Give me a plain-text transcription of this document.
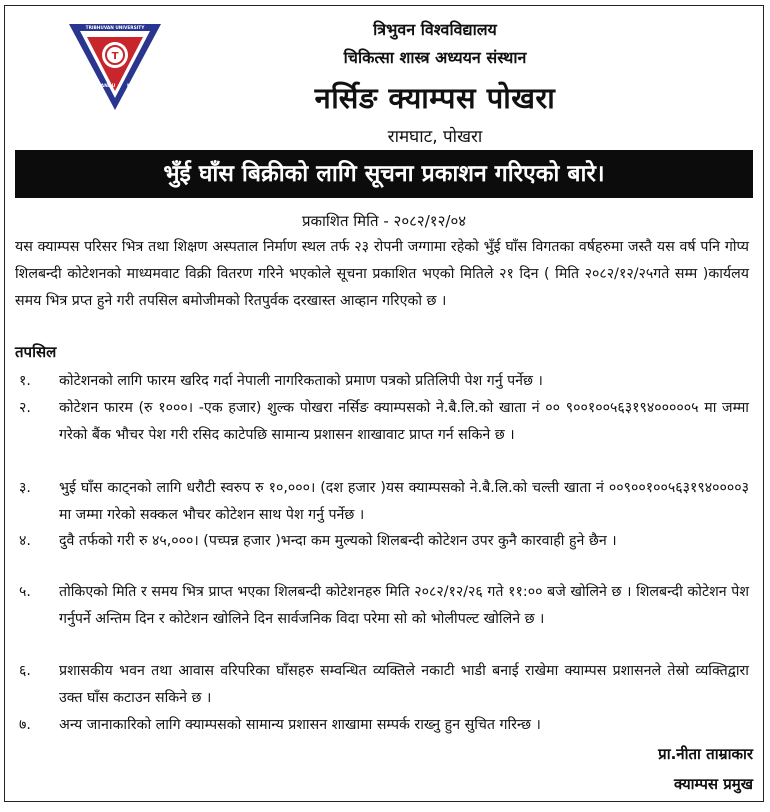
T
TRIBHUVAN UNIVERSITY
KATHMANDU	NEPAL
त्रिभुवन विश्वविद्यालय
चिकित्सा शास्त्र अध्ययन संस्थान
नर्सिङ क्याम्पस पोखरा
रामघाट, पोखरा
भुँई घाँस बिक्रीको लागि सूचना प्रकाशन गरिएको बारे।
प्रकाशित मिति - २०८२/१२/०४
यस क्याम्पस परिसर भित्र तथा शिक्षण अस्पताल निर्माण स्थल तर्फ २३ रोपनी जग्गामा रहेको भुँई घाँस विगतका वर्षहरुमा जस्तै यस वर्ष पनि गोप्य शिलबन्दी कोटेशनको माध्यमवाट विक्री वितरण गरिने भएकोले सूचना प्रकाशित भएको मितिले २१ दिन ( मिति २०८२/१२/२५गते सम्म )कार्यलय समय भित्र प्रप्त हुने गरी तपसिल बमोजीमको रितपुर्वक दरखास्त आव्हान गरिएको छ ।
तपसिल
१. कोटेशनको लागि फारम खरिद गर्दा नेपाली नागरिकताको प्रमाण पत्रको प्रतिलिपी पेश गर्नु पर्नेछ ।
२. कोटेशन फारम (रु १०००। -एक हजार) शुल्क पोखरा नर्सिङ क्याम्पसको ने.बै.लि.को खाता नं ०० ९००१००५६३१९४०००००५ मा जम्मा गरेको बैंक भौचर पेश गरी रसिद काटेपछि सामान्य प्रशासन शाखावाट प्राप्त गर्न सकिने छ ।
३. भुई घाँस काट्नको लागि धरौटी स्वरुप रु १०,०००। (दश हजार )यस क्याम्पसको ने.बै.लि.को चल्ती खाता नं ००९००१००५६३१९४००००३ मा जम्मा गरेको सक्कल भौचर कोटेशन साथ पेश गर्नु पर्नेछ ।
४. दुवै तर्फको गरी रु ४५,०००। (पच्पन्न हजार )भन्दा कम मुल्यको शिलबन्दी कोटेशन उपर कुनै कारवाही हुने छैन ।
५. तोकिएको मिति र समय भित्र प्राप्त भएका शिलबन्दी कोटेशनहरु मिति २०८२/१२/२६ गते ११:०० बजे खोलिने छ । शिलबन्दी कोटेशन पेश गर्नुपर्ने अन्तिम दिन र कोटेशन खोलिने दिन सार्वजनिक विदा परेमा सो को भोलीपल्ट खोलिने छ ।
६. प्रशासकीय भवन तथा आवास वरिपरिका घाँसहरु सम्वन्धित व्यक्तिले नकाटी भाडी बनाई राखेमा क्याम्पस प्रशासनले तेस्रो व्यक्तिद्वारा उक्त घाँस कटाउन सकिने छ ।
७. अन्य जानाकारिको लागि क्याम्पसको सामान्य प्रशासन शाखामा सम्पर्क राख्नु हुन सुचित गरिन्छ ।
प्रा.नीता ताम्राकार
क्याम्पस प्रमुख
